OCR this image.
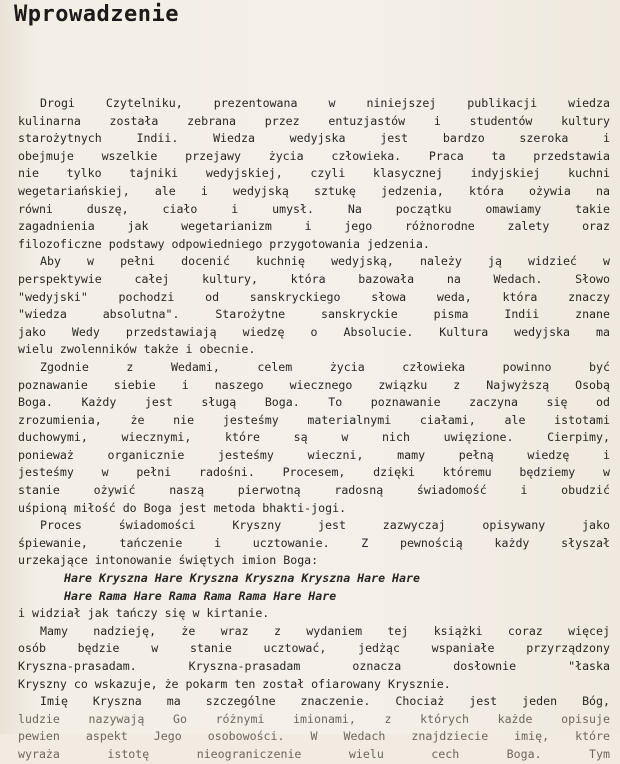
Wprowadzenie
Drogi Czytelniku, prezentowana w niniejszej publikacji wiedza
kulinarna została zebrana przez entuzjastów i studentów kultury
starożytnych Indii. Wiedza wedyjska jest bardzo szeroka i
obejmuje wszelkie przejawy życia człowieka. Praca ta przedstawia
nie tylko tajniki wedyjskiej, czyli klasycznej indyjskiej kuchni
wegetariańskiej, ale i wedyjską sztukę jedzenia, która ożywia na
równi duszę, ciało i umysł. Na początku omawiamy takie
zagadnienia jak wegetarianizm i jego różnorodne zalety oraz
filozoficzne podstawy odpowiedniego przygotowania jedzenia.
Aby w pełni docenić kuchnię wedyjską, należy ją widzieć w
perspektywie całej kultury, która bazowała na Wedach. Słowo
"wedyjski" pochodzi od sanskryckiego słowa weda, która znaczy
"wiedza absolutna". Starożytne sanskryckie pisma Indii znane
jako Wedy przedstawiają wiedzę o Absolucie. Kultura wedyjska ma
wielu zwolenników także i obecnie.
Zgodnie z Wedami, celem życia człowieka powinno być
poznawanie siebie i naszego wiecznego związku z Najwyższą Osobą
Boga. Każdy jest sługą Boga. To poznawanie zaczyna się od
zrozumienia, że nie jesteśmy materialnymi ciałami, ale istotami
duchowymi, wiecznymi, które są w nich uwięzione. Cierpimy,
ponieważ organicznie jesteśmy wieczni, mamy pełną wiedzę i
jesteśmy w pełni radośni. Procesem, dzięki któremu będziemy w
stanie ożywić naszą pierwotną radosną świadomość i obudzić
uśpioną miłość do Boga jest metoda bhakti-jogi.
Proces świadomości Kryszny jest zazwyczaj opisywany jako
śpiewanie, tańczenie i ucztowanie. Z pewnością każdy słyszał
urzekające intonowanie świętych imion Boga:
Hare Kryszna Hare Kryszna Kryszna Kryszna Hare Hare
Hare Rama Hare Rama Rama Rama Hare Hare
i widział jak tańczy się w kirtanie.
Mamy nadzieję, że wraz z wydaniem tej książki coraz więcej
osób będzie w stanie ucztować, jedżąc wspaniałe przyrządzony
Kryszna-prasadam. Kryszna-prasadam oznacza dosłownie "łaska
Kryszny co wskazuje, że pokarm ten został ofiarowany Krysznie.
Imię Kryszna ma szczególne znaczenie. Chociaż jest jeden Bóg,
ludzie nazywają Go różnymi imionami, z których każde opisuje
pewien aspekt Jego osobowości. W Wedach znajdziecie imię, które
wyraża istotę nieograniczenie wielu cech Boga. Tym
